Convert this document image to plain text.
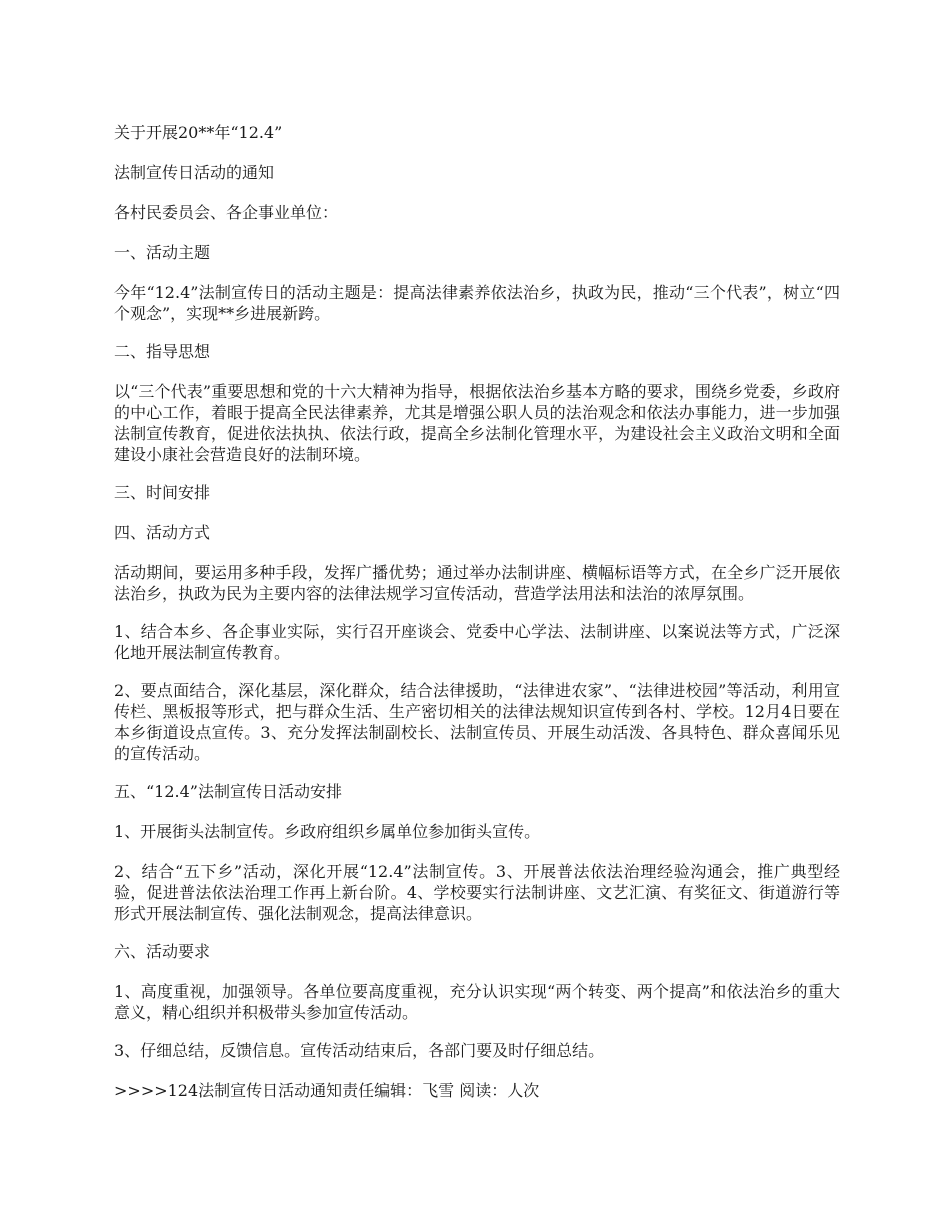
关于开展20**年“12.4”

法制宣传日活动的通知

各村民委员会、各企事业单位：

一、活动主题

今年“12.4”法制宣传日的活动主题是：提高法律素养依法治乡，执政为民，推动“三个代表”，树立“四个观念”，实现**乡进展新跨。

二、指导思想

以“三个代表”重要思想和党的十六大精神为指导，根据依法治乡基本方略的要求，围绕乡党委，乡政府的中心工作，着眼于提高全民法律素养，尤其是增强公职人员的法治观念和依法办事能力，进一步加强法制宣传教育，促进依法执执、依法行政，提高全乡法制化管理水平，为建设社会主义政治文明和全面建设小康社会营造良好的法制环境。

三、时间安排

四、活动方式

活动期间，要运用多种手段，发挥广播优势；通过举办法制讲座、横幅标语等方式，在全乡广泛开展依法治乡，执政为民为主要内容的法律法规学习宣传活动，营造学法用法和法治的浓厚氛围。

1、结合本乡、各企事业实际，实行召开座谈会、党委中心学法、法制讲座、以案说法等方式，广泛深化地开展法制宣传教育。

2、要点面结合，深化基层，深化群众，结合法律援助，“法律进农家”、“法律进校园”等活动，利用宣传栏、黑板报等形式，把与群众生活、生产密切相关的法律法规知识宣传到各村、学校。12月4日要在本乡街道设点宣传。3、充分发挥法制副校长、法制宣传员、开展生动活泼、各具特色、群众喜闻乐见的宣传活动。

五、“12.4”法制宣传日活动安排

1、开展街头法制宣传。乡政府组织乡属单位参加街头宣传。

2、结合“五下乡”活动，深化开展“12.4”法制宣传。3、开展普法依法治理经验沟通会，推广典型经验，促进普法依法治理工作再上新台阶。4、学校要实行法制讲座、文艺汇演、有奖征文、街道游行等形式开展法制宣传、强化法制观念，提高法律意识。

六、活动要求

1、高度重视，加强领导。各单位要高度重视，充分认识实现“两个转变、两个提高”和依法治乡的重大意义，精心组织并积极带头参加宣传活动。

3、仔细总结，反馈信息。宣传活动结束后，各部门要及时仔细总结。

>>>>124法制宣传日活动通知责任编辑：飞雪 阅读：人次
